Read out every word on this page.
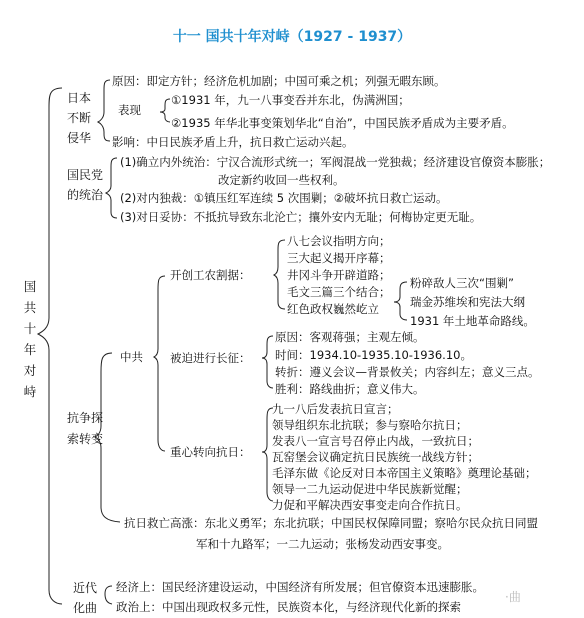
十一 国共十年对峙（1927 - 1937）
国共十年对峙
日本不断侵华
原因：即定方针；经济危机加剧；中国可乘之机；列强无暇东顾。
表现
①1931 年，九一八事变吞并东北，伪满洲国；
②1935 年华北事变策划华北“自治”，中国民族矛盾成为主要矛盾。
影响：中日民族矛盾上升，抗日救亡运动兴起。
国民党的统治
(1)确立内外统治：宁汉合流形式统一；军阀混战一党独裁；经济建设官僚资本膨胀；
改定新约收回一些权利。
(2)对内独裁：①镇压红军连续 5 次围剿；②破坏抗日救亡运动。
(3)对日妥协：不抵抗导致东北沦亡；攘外安内无耻；何梅协定更无耻。
抗争探索转变
中共
开创工农割据：
八七会议指明方向；
三大起义揭开序幕；
井冈斗争开辟道路；
毛文三篇三个结合；
红色政权巍然屹立
粉碎敌人三次“围剿”
瑞金苏维埃和宪法大纲
1931 年土地革命路线。
被迫进行长征：
原因：客观蒋强；主观左倾。
时间：1934.10-1935.10-1936.10。
转折：遵义会议—背景攸关；内容纠左；意义三点。
胜利：路线曲折；意义伟大。
重心转向抗日：
九一八后发表抗日宣言；
领导组织东北抗联；参与察哈尔抗日；
发表八一宣言号召停止内战，一致抗日；
瓦窑堡会议确定抗日民族统一战线方针；
毛泽东做《论反对日本帝国主义策略》奠理论基础；
领导一二九运动促进中华民族新觉醒；
力促和平解决西安事变走向合作抗日。
抗日救亡高涨：东北义勇军；东北抗联；中国民权保障同盟；察哈尔民众抗日同盟
军和十九路军；一二九运动；张杨发动西安事变。
近代化曲
经济上：国民经济建设运动，中国经济有所发展；但官僚资本迅速膨胀。
政治上：中国出现政权多元性，民族资本化，与经济现代化新的探索
·曲
